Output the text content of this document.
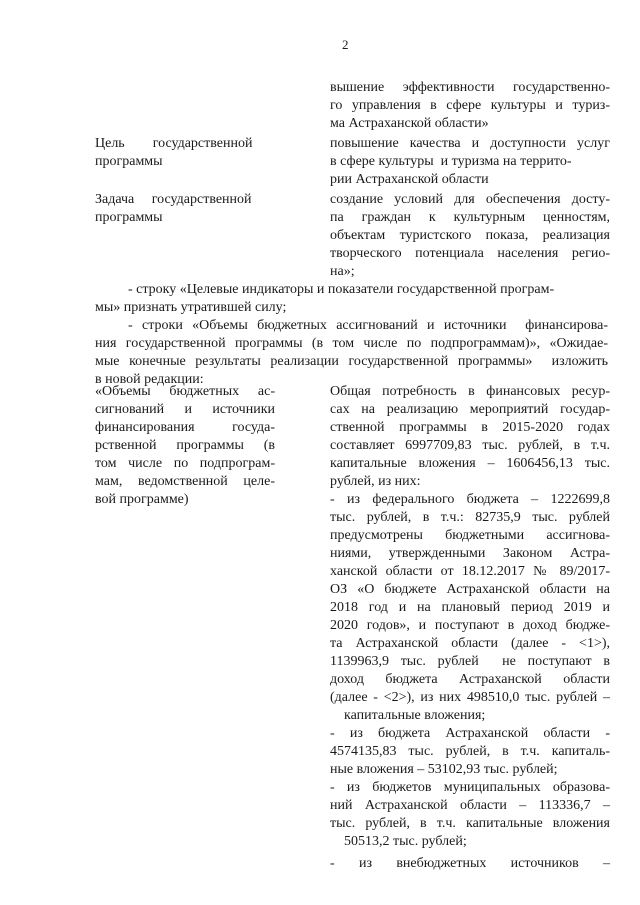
2
вышение эффективности государственно-
го управления в сфере культуры и туриз-
ма Астраханской области»
Цель        государственной
программы
повышение качества и доступности услуг
в сфере культуры  и туризма на террито-
рии Астраханской области
Задача     государственной
программы
создание условий для обеспечения досту-
па граждан к культурным ценностям,
объектам туристского показа, реализация
творческого потенциала населения регио-
на»;
- строку «Целевые индикаторы и показатели государственной програм-
мы» признать утратившей силу;
- строки «Объемы бюджетных ассигнований и источники  финансирова-
ния государственной программы (в том числе по подпрограммам)», «Ожидае-
мые конечные результаты реализации государственной программы»  изложить
в новой редакции:
«Объемы бюджетных ас-
сигнований и источники
финансирования госуда-
рственной программы (в
том числе по подпрограм-
мам, ведомственной целе-
вой программе)
Общая потребность в финансовых ресур-
сах на реализацию мероприятий государ-
ственной программы в 2015-2020 годах
составляет 6997709,83 тыс. рублей, в т.ч.
капитальные вложения – 1606456,13 тыс.
рублей, из них:
- из федерального бюджета – 1222699,8
тыс. рублей, в т.ч.: 82735,9 тыс. рублей
предусмотрены бюджетными ассигнова-
ниями, утвержденными Законом Астра-
ханской области от 18.12.2017 № 89/2017-
ОЗ «О бюджете Астраханской области на
2018 год и на плановый период 2019 и
2020 годов», и поступают в доход бюдже-
та Астраханской области (далее - <1>),
1139963,9 тыс. рублей  не поступают в
доход бюджета Астраханской области
(далее - <2>), из них 498510,0 тыс. рублей –
капитальные вложения;
- из бюджета Астраханской области -
4574135,83 тыс. рублей, в т.ч. капиталь-
ные вложения – 53102,93 тыс. рублей;
- из бюджетов муниципальных образова-
ний Астраханской области – 113336,7 –
тыс. рублей, в т.ч. капитальные вложения
50513,2 тыс. рублей;
-  из  внебюджетных  источников  –
